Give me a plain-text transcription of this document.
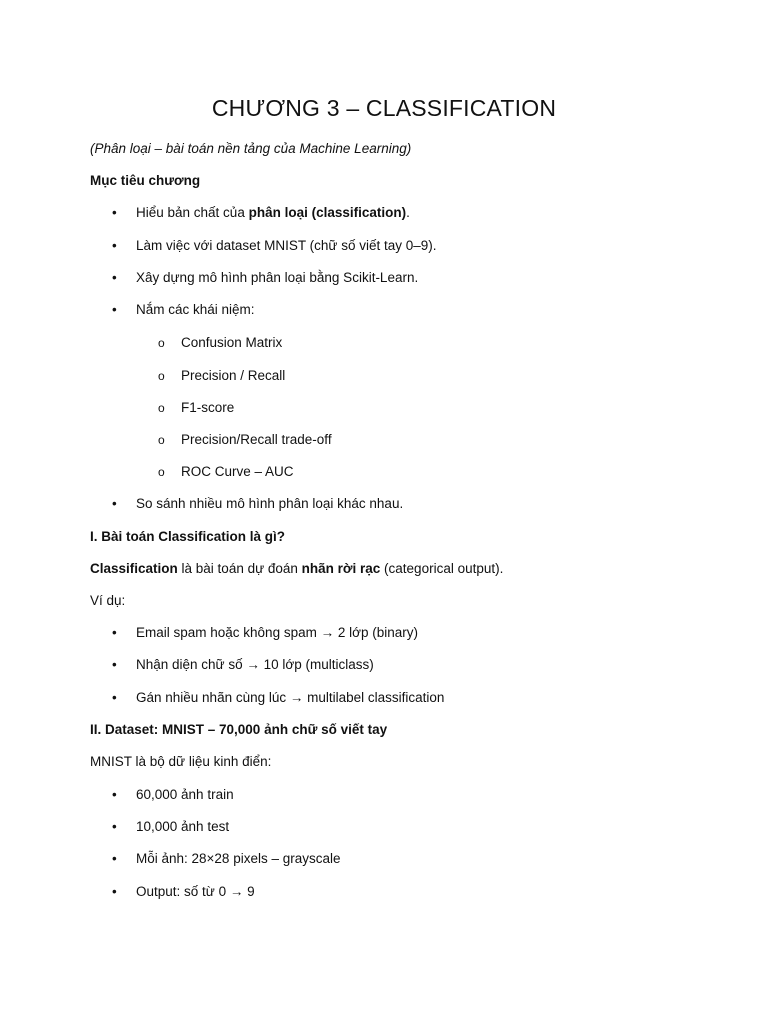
CHƯƠNG 3 – CLASSIFICATION
(Phân loại – bài toán nền tảng của Machine Learning)
Mục tiêu chương
•
Hiểu bản chất của phân loại (classification).
•
Làm việc với dataset MNIST (chữ số viết tay 0–9).
•
Xây dựng mô hình phân loại bằng Scikit-Learn.
•
Nắm các khái niệm:
o Confusion Matrix
o Precision / Recall
o F1-score
o Precision/Recall trade-off
o ROC Curve – AUC
•
So sánh nhiều mô hình phân loại khác nhau.
I. Bài toán Classification là gì?
Classification là bài toán dự đoán nhãn rời rạc (categorical output).
Ví dụ:
•
Email spam hoặc không spam → 2 lớp (binary)
•
Nhận diện chữ số → 10 lớp (multiclass)
•
Gán nhiều nhãn cùng lúc → multilabel classification
II. Dataset: MNIST – 70,000 ảnh chữ số viết tay
MNIST là bộ dữ liệu kinh điển:
•
60,000 ảnh train
•
10,000 ảnh test
•
Mỗi ảnh: 28×28 pixels – grayscale
•
Output: số từ 0 → 9
